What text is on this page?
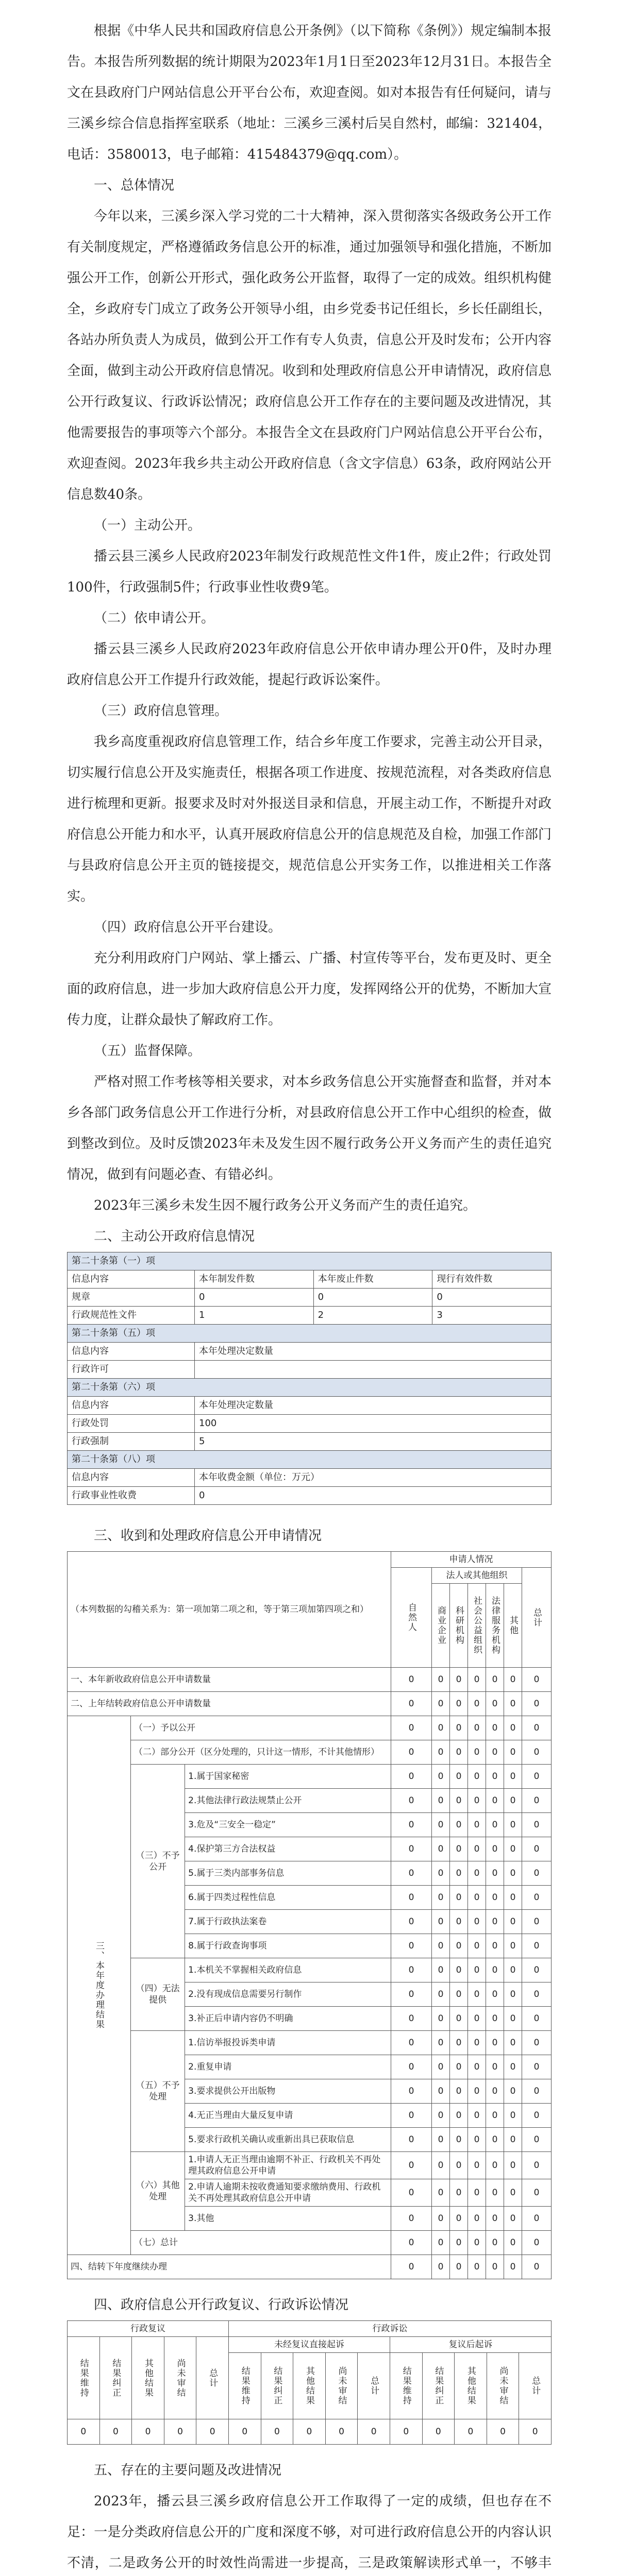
根据《中华人民共和国政府信息公开条例》（以下简称《条例》）规定编制本报告。本报告所列数据的统计期限为2023年1月1日至2023年12月31日。本报告全文在县政府门户网站信息公开平台公布，欢迎查阅。如对本报告有任何疑问，请与三溪乡综合信息指挥室联系（地址：三溪乡三溪村后吴自然村，邮编：321404，电话：3580013，电子邮箱：415484379@qq.com）。

一、总体情况

今年以来，三溪乡深入学习党的二十大精神，深入贯彻落实各级政务公开工作有关制度规定，严格遵循政务信息公开的标准，通过加强领导和强化措施，不断加强公开工作，创新公开形式，强化政务公开监督，取得了一定的成效。组织机构健全，乡政府专门成立了政务公开领导小组，由乡党委书记任组长，乡长任副组长，各站办所负责人为成员，做到公开工作有专人负责，信息公开及时发布；公开内容全面，做到主动公开政府信息情况。收到和处理政府信息公开申请情况，政府信息公开行政复议、行政诉讼情况；政府信息公开工作存在的主要问题及改进情况，其他需要报告的事项等六个部分。本报告全文在县政府门户网站信息公开平台公布，欢迎查阅。2023年我乡共主动公开政府信息（含文字信息）63条，政府网站公开信息数40条。

（一）主动公开。

播云县三溪乡人民政府2023年制发行政规范性文件1件，废止2件；行政处罚100件，行政强制5件；行政事业性收费9笔。

（二）依申请公开。

播云县三溪乡人民政府2023年政府信息公开依申请办理公开0件，及时办理政府信息公开工作提升行政效能，提起行政诉讼案件。

（三）政府信息管理。

我乡高度重视政府信息管理工作，结合乡年度工作要求，完善主动公开目录，切实履行信息公开及实施责任，根据各项工作进度、按规范流程，对各类政府信息进行梳理和更新。报要求及时对外报送目录和信息，开展主动工作，不断提升对政府信息公开能力和水平，认真开展政府信息公开的信息规范及自检，加强工作部门与县政府信息公开主页的链接提交，规范信息公开实务工作，以推进相关工作落实。

（四）政府信息公开平台建设。

充分利用政府门户网站、掌上播云、广播、村宣传等平台，发布更及时、更全面的政府信息，进一步加大政府信息公开力度，发挥网络公开的优势，不断加大宣传力度，让群众最快了解政府工作。

（五）监督保障。

严格对照工作考核等相关要求，对本乡政务信息公开实施督查和监督，并对本乡各部门政务信息公开工作进行分析，对县政府信息公开工作中心组织的检查，做到整改到位。及时反馈2023年未及发生因不履行政务公开义务而产生的责任追究情况，做到有问题必查、有错必纠。

2023年三溪乡未发生因不履行政务公开义务而产生的责任追究。

二、主动公开政府信息情况
第二十条第（一）项			
信息内容	本年制发件数	本年废止件数	现行有效件数
规章	0	0	0
行政规范性文件	1	2	3
第二十条第（五）项			
信息内容	本年处理决定数量		
行政许可			
第二十条第（六）项			
信息内容	本年处理决定数量		
行政处罚	100		
行政强制	5		
第二十条第（八）项			
信息内容	本年收费金额（单位：万元）		
行政事业性收费	0		
三、收到和处理政府信息公开申请情况
（本列数据的勾稽关系为：第一项加第二项之和，等于第三项加第四项之和）			申请人情况						
			自然人	法人或其他组织					总计
				商业企业	科研机构	社会公益组织	法律服务机构	其他	
一、本年新收政府信息公开申请数量			0	0	0	0	0	0	0
二、上年结转政府信息公开申请数量			0	0	0	0	0	0	0
三、本年度办理结果	（一）予以公开		0	0	0	0	0	0	0
	（二）部分公开（区分处理的，只计这一情形，不计其他情形）		0	0	0	0	0	0	0
	（三）不予公开	1.属于国家秘密	0	0	0	0	0	0	0
		2.其他法律行政法规禁止公开	0	0	0	0	0	0	0
		3.危及“三安全一稳定”	0	0	0	0	0	0	0
		4.保护第三方合法权益	0	0	0	0	0	0	0
		5.属于三类内部事务信息	0	0	0	0	0	0	0
		6.属于四类过程性信息	0	0	0	0	0	0	0
		7.属于行政执法案卷	0	0	0	0	0	0	0
		8.属于行政查询事项	0	0	0	0	0	0	0
	（四）无法提供	1.本机关不掌握相关政府信息	0	0	0	0	0	0	0
		2.没有现成信息需要另行制作	0	0	0	0	0	0	0
		3.补正后申请内容仍不明确	0	0	0	0	0	0	0
	（五）不予处理	1.信访举报投诉类申请	0	0	0	0	0	0	0
		2.重复申请	0	0	0	0	0	0	0
		3.要求提供公开出版物	0	0	0	0	0	0	0
		4.无正当理由大量反复申请	0	0	0	0	0	0	0
		5.要求行政机关确认或重新出具已获取信息	0	0	0	0	0	0	0
	（六）其他处理	1.申请人无正当理由逾期不补正、行政机关不再处理其政府信息公开申请	0	0	0	0	0	0	0
		2.申请人逾期未按收费通知要求缴纳费用、行政机关不再处理其政府信息公开申请	0	0	0	0	0	0	0
		3.其他	0	0	0	0	0	0	0
	（七）总计		0	0	0	0	0	0	0
四、结转下年度继续办理			0	0	0	0	0	0	0
四、政府信息公开行政复议、行政诉讼情况
行政复议					行政诉讼									
结果维持	结果纠正	其他结果	尚未审结	总计	未经复议直接起诉					复议后起诉				
					结果维持	结果纠正	其他结果	尚未审结	总计	结果维持	结果纠正	其他结果	尚未审结	总计
0	0	0	0	0	0	0	0	0	0	0	0	0	0	0
五、存在的主要问题及改进情况

2023年，播云县三溪乡政府信息公开工作取得了一定的成绩，但也存在不足：一是分类政府信息公开的广度和深度不够，对可进行政府信息公开的内容认识不清，二是政务公开的时效性尚需进一步提高，三是政策解读形式单一，不够丰
